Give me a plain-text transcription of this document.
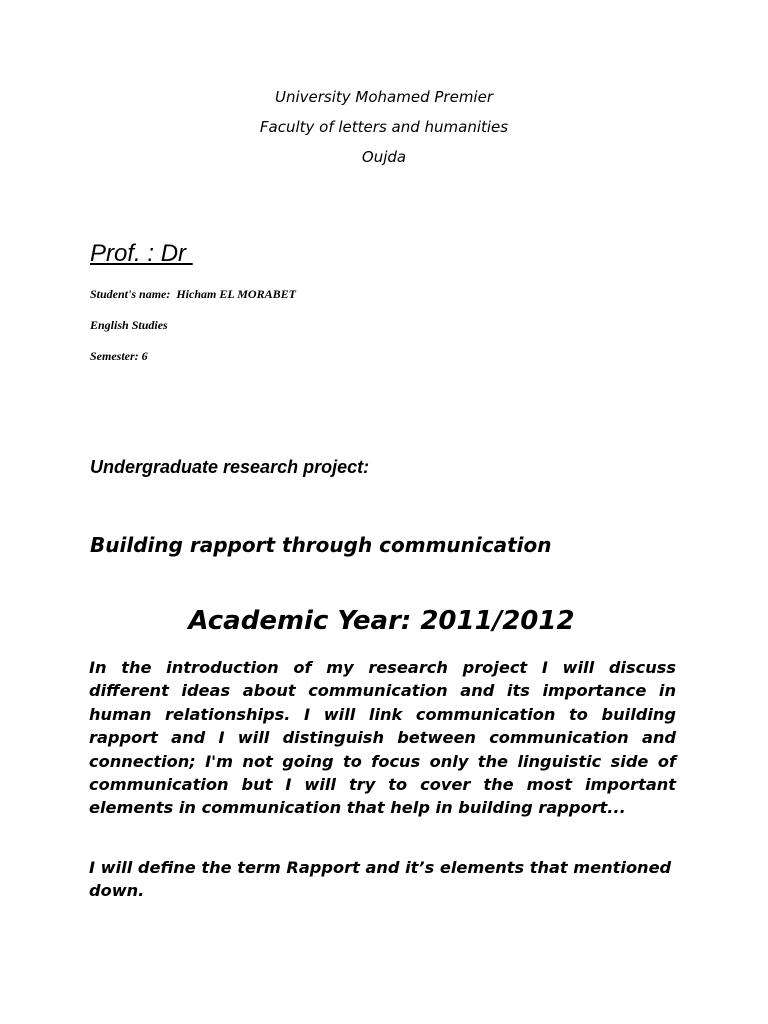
University Mohamed Premier
Faculty of letters and humanities
Oujda
Prof. : Dr
Student's name:  Hicham EL MORABET
English Studies
Semester: 6
Undergraduate research project:
Building rapport through communication
Academic Year: 2011/2012

In the introduction of my research project I will discuss different ideas about communication and its importance in human relationships. I will link communication to building rapport and I will distinguish between communication and connection; I'm not going to focus only the linguistic side of communication but I will try to cover the most important elements in communication that help in building rapport...

I will define the term Rapport and it’s elements that mentioned down.
